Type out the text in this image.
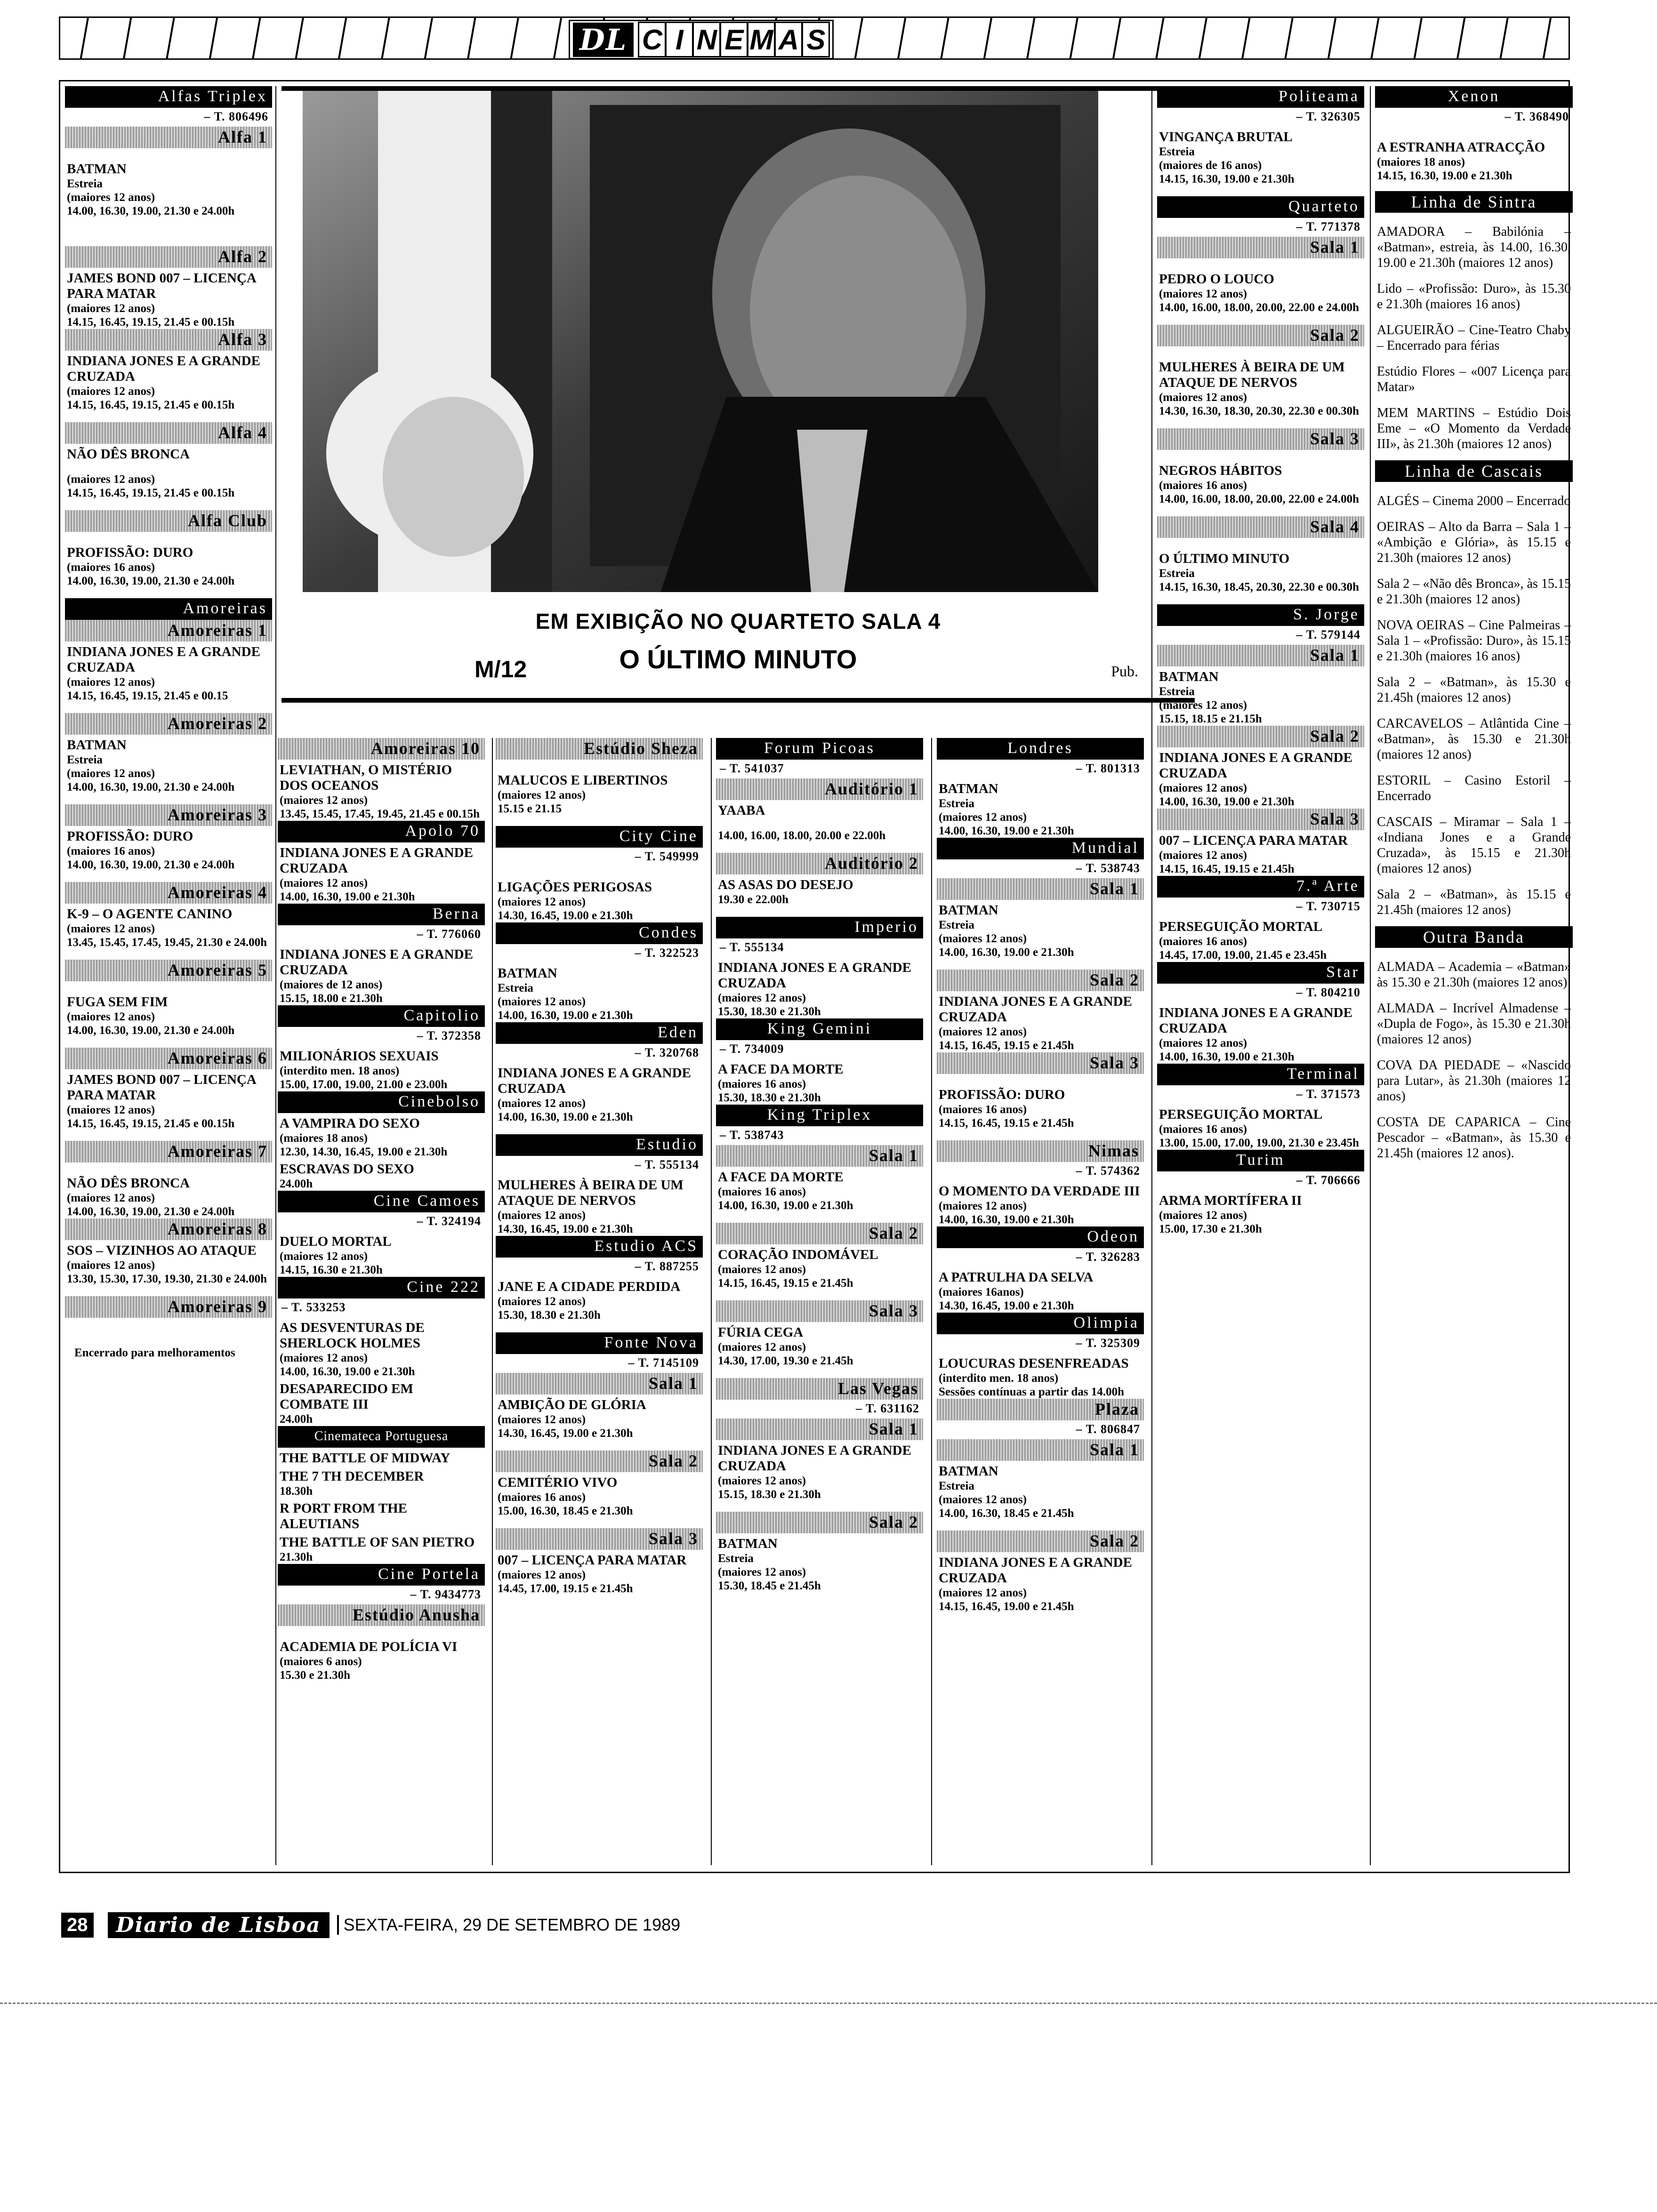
DL C I N E M A S
Alfas Triplex
– T. 806496
Alfa 1
BATMAN
Estreia
(maiores 12 anos)
14.00, 16.30, 19.00, 21.30 e 24.00h
Alfa 2
JAMES BOND 007 – LICENÇA PARA MATAR
(maiores 12 anos)
14.15, 16.45, 19.15, 21.45 e 00.15h
Alfa 3
INDIANA JONES E A GRANDE CRUZADA
(maiores 12 anos)
14.15, 16.45, 19.15, 21.45 e 00.15h
Alfa 4
NÃO DÊS BRONCA
(maiores 12 anos)
14.15, 16.45, 19.15, 21.45 e 00.15h
Alfa Club
PROFISSÃO: DURO
(maiores 16 anos)
14.00, 16.30, 19.00, 21.30 e 24.00h
Amoreiras
Amoreiras 1
INDIANA JONES E A GRANDE CRUZADA
(maiores 12 anos)
14.15, 16.45, 19.15, 21.45 e 00.15
Amoreiras 2
BATMAN
Estreia
(maiores 12 anos)
14.00, 16.30, 19.00, 21.30 e 24.00h
Amoreiras 3
PROFISSÃO: DURO
(maiores 16 anos)
14.00, 16.30, 19.00, 21.30 e 24.00h
Amoreiras 4
K-9 – O AGENTE CANINO
(maiores 12 anos)
13.45, 15.45, 17.45, 19.45, 21.30 e 24.00h
Amoreiras 5
FUGA SEM FIM
(maiores 12 anos)
14.00, 16.30, 19.00, 21.30 e 24.00h
Amoreiras 6
JAMES BOND 007 – LICENÇA PARA MATAR
(maiores 12 anos)
14.15, 16.45, 19.15, 21.45 e 00.15h
Amoreiras 7
NÃO DÊS BRONCA
(maiores 12 anos)
14.00, 16.30, 19.00, 21.30 e 24.00h
Amoreiras 8
SOS – VIZINHOS AO ATAQUE
(maiores 12 anos)
13.30, 15.30, 17.30, 19.30, 21.30 e 24.00h
Amoreiras 9
Encerrado para melhoramentos
EM EXIBIÇÃO NO QUARTETO SALA 4
M/12	O ÚLTIMO MINUTO	Pub.
Amoreiras 10
LEVIATHAN, O MISTÉRIO DOS OCEANOS
(maiores 12 anos)
13.45, 15.45, 17.45, 19.45, 21.45 e 00.15h
Apolo 70
INDIANA JONES E A GRANDE CRUZADA
(maiores 12 anos)
14.00, 16.30, 19.00 e 21.30h
Berna
– T. 776060
INDIANA JONES E A GRANDE CRUZADA
(maiores de 12 anos)
15.15, 18.00 e 21.30h
Capitolio
– T. 372358
MILIONÁRIOS SEXUAIS
(interdito men. 18 anos)
15.00, 17.00, 19.00, 21.00 e 23.00h
Cinebolso
A VAMPIRA DO SEXO
(maiores 18 anos)
12.30, 14.30, 16.45, 19.00 e 21.30h
ESCRAVAS DO SEXO
24.00h
Cine Camoes
– T. 324194
DUELO MORTAL
(maiores 12 anos)
14.15, 16.30 e 21.30h
Cine 222
– T. 533253
AS DESVENTURAS DE SHERLOCK HOLMES
(maiores 12 anos)
14.00, 16.30, 19.00 e 21.30h
DESAPARECIDO EM COMBATE III
24.00h
Cinemateca Portuguesa
THE BATTLE OF MIDWAY
THE 7 TH DECEMBER
18.30h
R PORT FROM THE ALEUTIANS
THE BATTLE OF SAN PIETRO
21.30h
Cine Portela
– T. 9434773
Estúdio Anusha
ACADEMIA DE POLÍCIA VI
(maiores 6 anos)
15.30 e 21.30h
Estúdio Sheza
MALUCOS E LIBERTINOS
(maiores 12 anos)
15.15 e 21.15
City Cine
– T. 549999
LIGAÇÕES PERIGOSAS
(maiores 12 anos)
14.30, 16.45, 19.00 e 21.30h
Condes
– T. 322523
BATMAN
Estreia
(maiores 12 anos)
14.00, 16.30, 19.00 e 21.30h
Eden
– T. 320768
INDIANA JONES E A GRANDE CRUZADA
(maiores 12 anos)
14.00, 16.30, 19.00 e 21.30h
Estudio
– T. 555134
MULHERES À BEIRA DE UM ATAQUE DE NERVOS
(maiores 12 anos)
14.30, 16.45, 19.00 e 21.30h
Estudio ACS
– T. 887255
JANE E A CIDADE PERDIDA
(maiores 12 anos)
15.30, 18.30 e 21.30h
Fonte Nova
– T. 7145109
Sala 1
AMBIÇÃO DE GLÓRIA
(maiores 12 anos)
14.30, 16.45, 19.00 e 21.30h
Sala 2
CEMITÉRIO VIVO
(maiores 16 anos)
15.00, 16.30, 18.45 e 21.30h
Sala 3
007 – LICENÇA PARA MATAR
(maiores 12 anos)
14.45, 17.00, 19.15 e 21.45h
Forum Picoas
– T. 541037
Auditório 1
YAABA
14.00, 16.00, 18.00, 20.00 e 22.00h
Auditório 2
AS ASAS DO DESEJO
19.30 e 22.00h
Imperio
– T. 555134
INDIANA JONES E A GRANDE CRUZADA
(maiores 12 anos)
15.30, 18.30 e 21.30h
King Gemini
– T. 734009
A FACE DA MORTE
(maiores 16 anos)
15.30, 18.30 e 21.30h
King Triplex
– T. 538743
Sala 1
A FACE DA MORTE
(maiores 16 anos)
14.00, 16.30, 19.00 e 21.30h
Sala 2
CORAÇÃO INDOMÁVEL
(maiores 12 anos)
14.15, 16.45, 19.15 e 21.45h
Sala 3
FÚRIA CEGA
(maiores 12 anos)
14.30, 17.00, 19.30 e 21.45h
Las Vegas
– T. 631162
Sala 1
INDIANA JONES E A GRANDE CRUZADA
(maiores 12 anos)
15.15, 18.30 e 21.30h
Sala 2
BATMAN
Estreia
(maiores 12 anos)
15.30, 18.45 e 21.45h
Londres
– T. 801313
BATMAN
Estreia
(maiores 12 anos)
14.00, 16.30, 19.00 e 21.30h
Mundial
– T. 538743
Sala 1
BATMAN
Estreia
(maiores 12 anos)
14.00, 16.30, 19.00 e 21.30h
Sala 2
INDIANA JONES E A GRANDE CRUZADA
(maiores 12 anos)
14.15, 16.45, 19.15 e 21.45h
Sala 3
PROFISSÃO: DURO
(maiores 16 anos)
14.15, 16.45, 19.15 e 21.45h
Nimas
– T. 574362
O MOMENTO DA VERDADE III
(maiores 12 anos)
14.00, 16.30, 19.00 e 21.30h
Odeon
– T. 326283
A PATRULHA DA SELVA
(maiores 16anos)
14.30, 16.45, 19.00 e 21.30h
Olimpia
– T. 325309
LOUCURAS DESENFREADAS
(interdito men. 18 anos)
Sessões contínuas a partir das 14.00h
Plaza
– T. 806847
Sala 1
BATMAN
Estreia
(maiores 12 anos)
14.00, 16.30, 18.45 e 21.45h
Sala 2
INDIANA JONES E A GRANDE CRUZADA
(maiores 12 anos)
14.15, 16.45, 19.00 e 21.45h
Politeama
– T. 326305
VINGANÇA BRUTAL
Estreia
(maiores de 16 anos)
14.15, 16.30, 19.00 e 21.30h
Quarteto
– T. 771378
Sala 1
PEDRO O LOUCO
(maiores 12 anos)
14.00, 16.00, 18.00, 20.00, 22.00 e 24.00h
Sala 2
MULHERES À BEIRA DE UM ATAQUE DE NERVOS
(maiores 12 anos)
14.30, 16.30, 18.30, 20.30, 22.30 e 00.30h
Sala 3
NEGROS HÁBITOS
(maiores 16 anos)
14.00, 16.00, 18.00, 20.00, 22.00 e 24.00h
Sala 4
O ÚLTIMO MINUTO
Estreia
14.15, 16.30, 18.45, 20.30, 22.30 e 00.30h
S. Jorge
– T. 579144
Sala 1
BATMAN
Estreia
(maiores 12 anos)
15.15, 18.15 e 21.15h
Sala 2
INDIANA JONES E A GRANDE CRUZADA
(maiores 12 anos)
14.00, 16.30, 19.00 e 21.30h
Sala 3
007 – LICENÇA PARA MATAR
(maiores 12 anos)
14.15, 16.45, 19.15 e 21.45h
7.ª Arte
– T. 730715
PERSEGUIÇÃO MORTAL
(maiores 16 anos)
14.45, 17.00, 19.00, 21.45 e 23.45h
Star
– T. 804210
INDIANA JONES E A GRANDE CRUZADA
(maiores 12 anos)
14.00, 16.30, 19.00 e 21.30h
Terminal
– T. 371573
PERSEGUIÇÃO MORTAL
(maiores 16 anos)
13.00, 15.00, 17.00, 19.00, 21.30 e 23.45h
Turim
– T. 706666
ARMA MORTÍFERA II
(maiores 12 anos)
15.00, 17.30 e 21.30h
Xenon
– T. 368490
A ESTRANHA ATRACÇÃO
(maiores 18 anos)
14.15, 16.30, 19.00 e 21.30h
Linha de Sintra
AMADORA – Babilónia – «Batman», estreia, às 14.00, 16.30, 19.00 e 21.30h (maiores 12 anos)
Lido – «Profissão: Duro», às 15.30 e 21.30h (maiores 16 anos)
ALGUEIRÃO – Cine-Teatro Chaby – Encerrado para férias
Estúdio Flores – «007 Licença para Matar»
MEM MARTINS – Estúdio Dois Eme – «O Momento da Verdade III», às 21.30h (maiores 12 anos)
Linha de Cascais
ALGÉS – Cinema 2000 – Encerrado
OEIRAS – Alto da Barra – Sala 1 – «Ambição e Glória», às 15.15 e 21.30h (maiores 12 anos)
Sala 2 – «Não dês Bronca», às 15.15 e 21.30h (maiores 12 anos)
NOVA OEIRAS – Cine Palmeiras – Sala 1 – «Profissão: Duro», às 15.15 e 21.30h (maiores 16 anos)
Sala 2 – «Batman», às 15.30 e 21.45h (maiores 12 anos)
CARCAVELOS – Atlântida Cine – «Batman», às 15.30 e 21.30h (maiores 12 anos)
ESTORIL – Casino Estoril – Encerrado
CASCAIS – Miramar – Sala 1 – «Indiana Jones e a Grande Cruzada», às 15.15 e 21.30h (maiores 12 anos)
Sala 2 – «Batman», às 15.15 e 21.45h (maiores 12 anos)
Outra Banda
ALMADA – Academia – «Batman» às 15.30 e 21.30h (maiores 12 anos)
ALMADA – Incrível Almadense – «Dupla de Fogo», às 15.30 e 21.30h (maiores 12 anos)
COVA DA PIEDADE – «Nascido para Lutar», às 21.30h (maiores 12 anos)
COSTA DE CAPARICA – Cine Pescador – «Batman», às 15.30 e 21.45h (maiores 12 anos).
28	Diario de Lisboa	SEXTA-FEIRA, 29 DE SETEMBRO DE 1989
